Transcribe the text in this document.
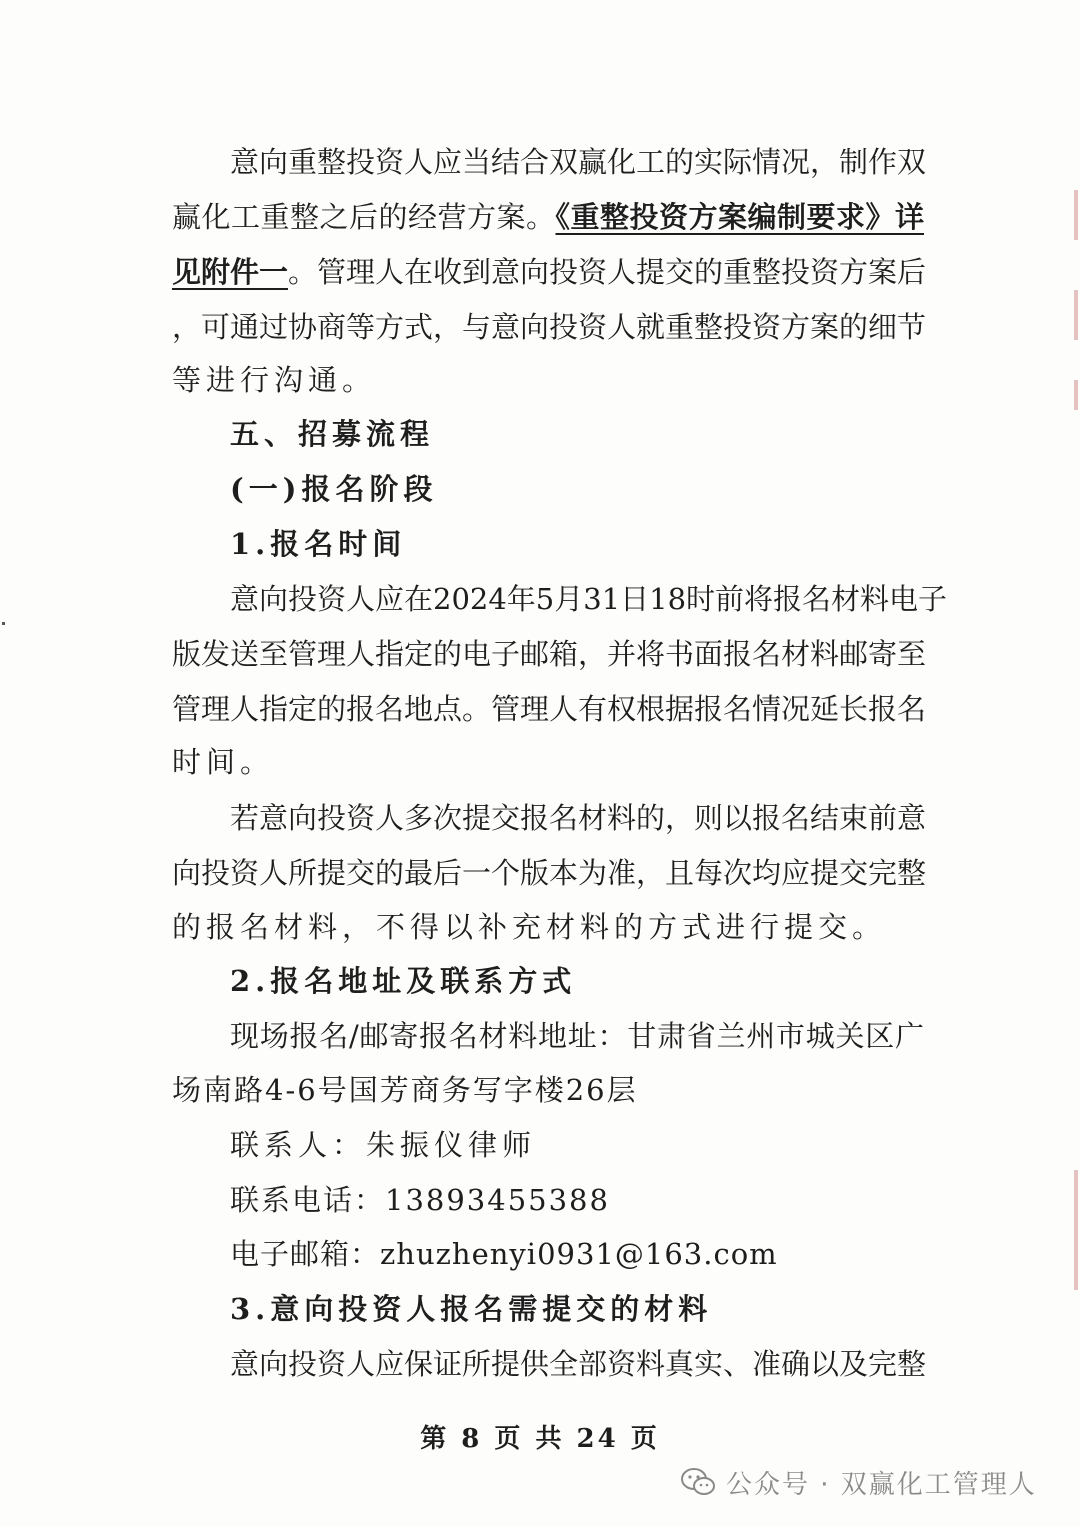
意向重整投资人应当结合双赢化工的实际情况，制作双
赢化工重整之后的经营方案。《重整投资方案编制要求》详
见附件一。管理人在收到意向投资人提交的重整投资方案后
，可通过协商等方式，与意向投资人就重整投资方案的细节
等进行沟通。
五、招募流程
(一)报名阶段
1.报名时间
意向投资人应在2024年5月31日18时前将报名材料电子
版发送至管理人指定的电子邮箱，并将书面报名材料邮寄至
管理人指定的报名地点。管理人有权根据报名情况延长报名
时间。
若意向投资人多次提交报名材料的，则以报名结束前意
向投资人所提交的最后一个版本为准，且每次均应提交完整
的报名材料，不得以补充材料的方式进行提交。
2.报名地址及联系方式
现场报名/邮寄报名材料地址：甘肃省兰州市城关区广
场南路4-6号国芳商务写字楼26层
联系人：朱振仪律师
联系电话：13893455388
电子邮箱：zhuzhenyi0931@163.com
3.意向投资人报名需提交的材料
意向投资人应保证所提供全部资料真实、准确以及完整
第 8 页 共 24 页
公众号 · 双赢化工管理人
